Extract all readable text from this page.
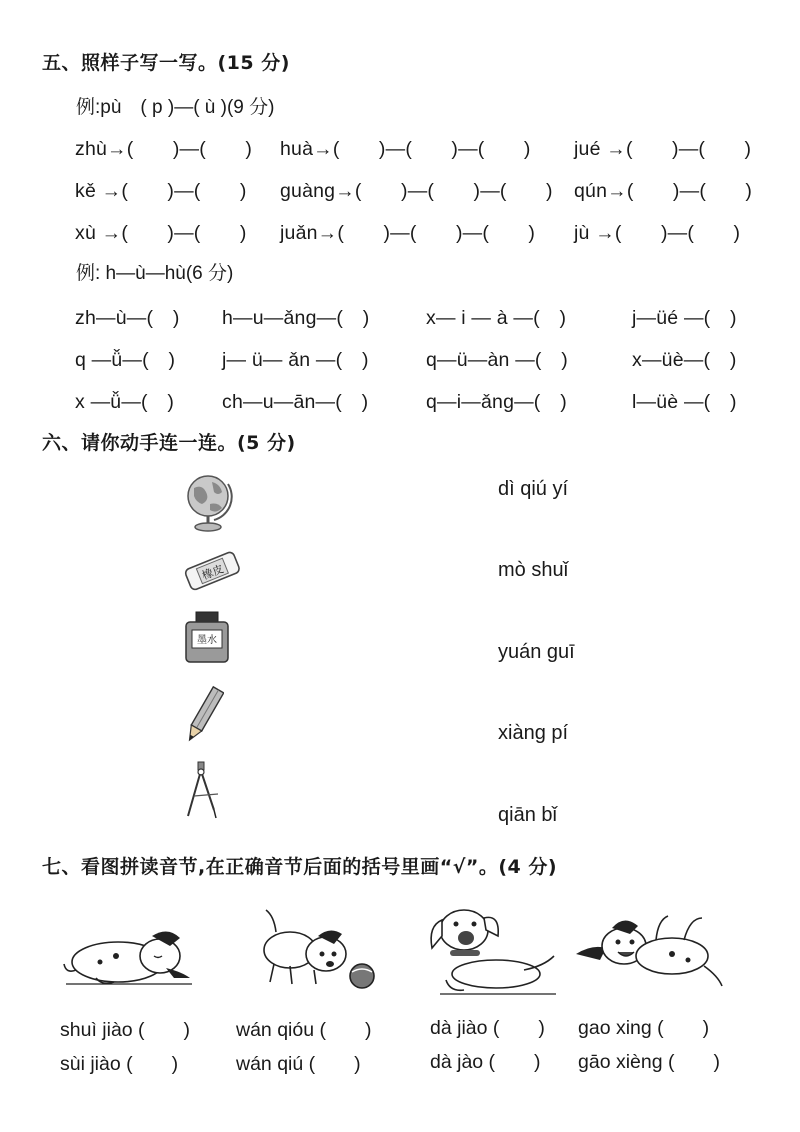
五、照样子写一写。(15 分)
例:pù　( p )—( ù )(9 分)
zhù→(　　)—(　　) huà→(　　)—(　　)—(　　) jué →(　　)—(　　)
kě →(　　)—(　　) guàng→(　　)—(　　)—(　　) qún→(　　)—(　　)
xù →(　　)—(　　) juǎn→(　　)—(　　)—(　　) jù →(　　)—(　　)
例: h—ù—hù(6 分)
zh—ù—(　) h—u—ǎng—(　)	x— i — à —(　)	j—üé —(　)
q —ǚ—(　) j— ü— ǎn —(　)	q—ü—àn —(　)	x—üè—(　)
x —ǚ—(　) ch—u—ān—(　)	q—i—ǎng—(　)	l—üè —(　)
六、请你动手连一连。(5 分)
橡皮
墨水
dì qiú yí
mò shuǐ
yuán guī
xiàng pí
qiān bǐ
七、看图拼读音节,在正确音节后面的括号里画“√”。(4 分)
shuì jiào (　　)
sùi jiào (　　)
wán qióu (　　)
wán qiú (　　)
dà jiào (　　)
dà jào (　　)
gao xing (　　)
gāo xièng (　　)
